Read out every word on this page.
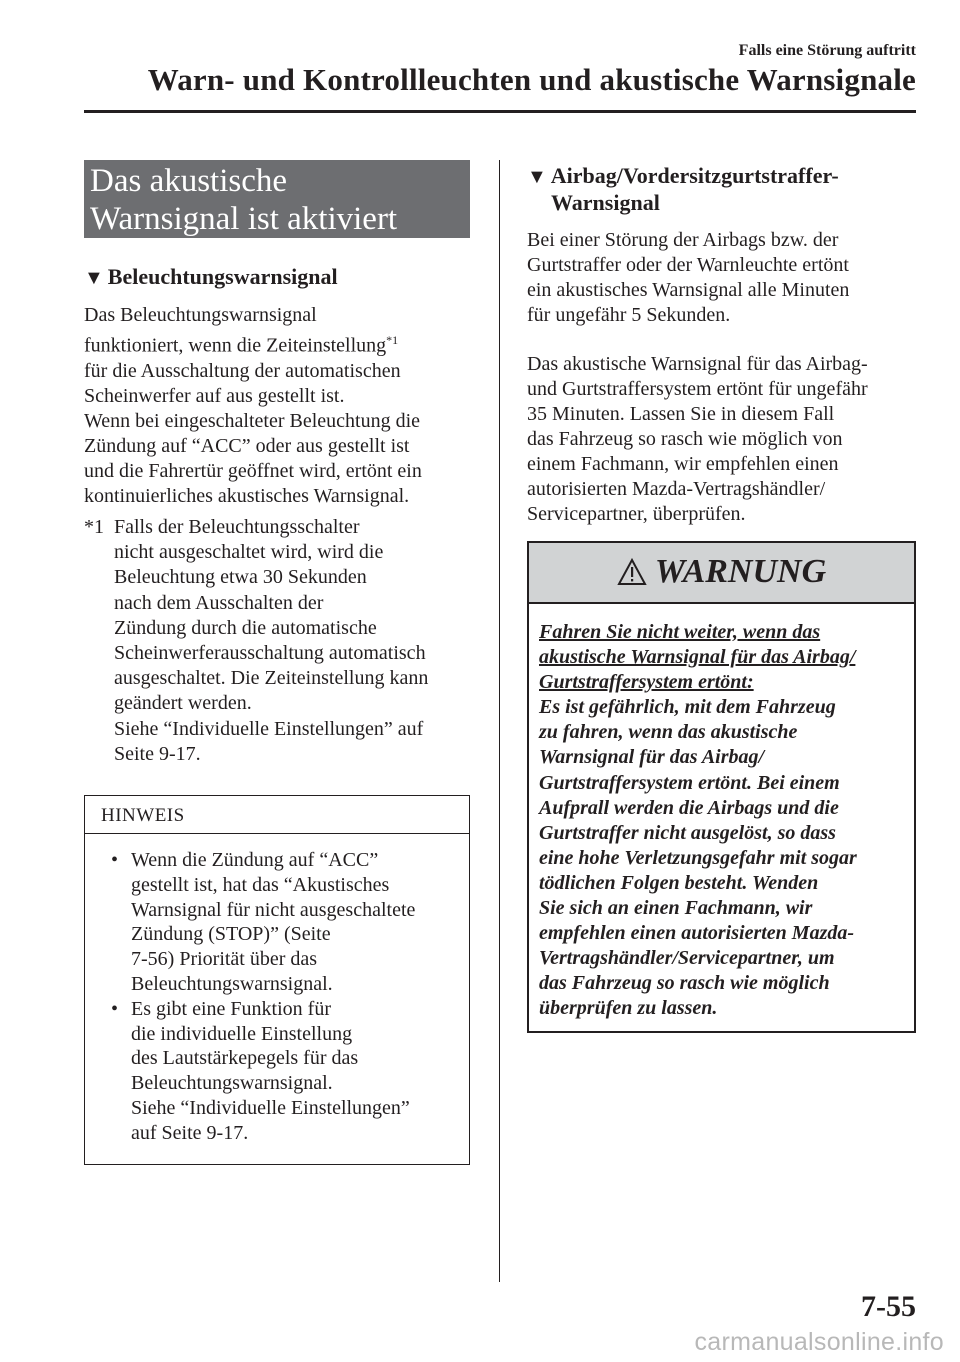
Falls eine Störung auftritt
Warn- und Kontrollleuchten und akustische Warnsignale
Das akustische
Warnsignal ist aktiviert
▼ Beleuchtungswarnsignal
Das Beleuchtungswarnsignal
funktioniert, wenn die Zeiteinstellung$^{*1}$
für die Ausschaltung der automatischen
Scheinwerfer auf aus gestellt ist.
Wenn bei eingeschalteter Beleuchtung die
Zündung auf “ACC” oder aus gestellt ist
und die Fahrertür geöffnet wird, ertönt ein
kontinuierliches akustisches Warnsignal.
*1 Falls der Beleuchtungsschalter
nicht ausgeschaltet wird, wird die
Beleuchtung etwa 30 Sekunden
nach dem Ausschalten der
Zündung durch die automatische
Scheinwerferausschaltung automatisch
ausgeschaltet. Die Zeiteinstellung kann
geändert werden.
Siehe “Individuelle Einstellungen” auf
Seite 9-17.
HINWEIS
• Wenn die Zündung auf “ACC”
gestellt ist, hat das “Akustisches
Warnsignal für nicht ausgeschaltete
Zündung (STOP)” (Seite
7-56) Priorität über das
Beleuchtungswarnsignal.
• Es gibt eine Funktion für
die individuelle Einstellung
des Lautstärkepegels für das
Beleuchtungswarnsignal.
Siehe “Individuelle Einstellungen”
auf Seite 9-17.
▼ Airbag/Vordersitzgurtstraffer-
Warnsignal
Bei einer Störung der Airbags bzw. der
Gurtstraffer oder der Warnleuchte ertönt
ein akustisches Warnsignal alle Minuten
für ungefähr 5 Sekunden.
Das akustische Warnsignal für das Airbag-
und Gurtstraffersystem ertönt für ungefähr
35 Minuten. Lassen Sie in diesem Fall
das Fahrzeug so rasch wie möglich von
einem Fachmann, wir empfehlen einen
autorisierten Mazda-Vertragshändler/
Servicepartner, überprüfen.
WARNUNG
Fahren Sie nicht weiter, wenn das
akustische Warnsignal für das Airbag/
Gurtstraffersystem ertönt:
Es ist gefährlich, mit dem Fahrzeug
zu fahren, wenn das akustische
Warnsignal für das Airbag/
Gurtstraffersystem ertönt. Bei einem
Aufprall werden die Airbags und die
Gurtstraffer nicht ausgelöst, so dass
eine hohe Verletzungsgefahr mit sogar
tödlichen Folgen besteht. Wenden
Sie sich an einen Fachmann, wir
empfehlen einen autorisierten Mazda-
Vertragshändler/Servicepartner, um
das Fahrzeug so rasch wie möglich
überprüfen zu lassen.
7-55
carmanualsonline.info
